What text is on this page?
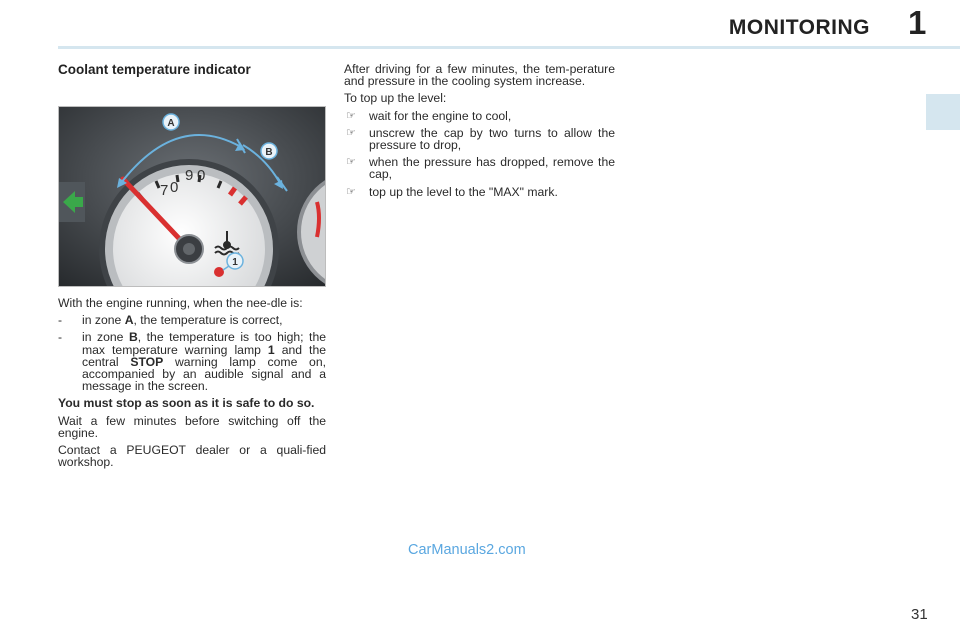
MONITORING 1
Coolant temperature indicator
7 0
9 0
A
B
1

With the engine running, when the nee-dle is:

- in zone A, the temperature is correct,

- in zone B, the temperature is too high; the max temperature warning lamp 1 and the central STOP warning lamp come on, accompanied by an audible signal and a message in the screen.

You must stop as soon as it is safe to do so.

Wait a few minutes before switching off the engine.

Contact a PEUGEOT dealer or a quali-fied workshop.

After driving for a few minutes, the tem-perature and pressure in the cooling system increase.

To top up the level:

☞ wait for the engine to cool,

☞ unscrew the cap by two turns to allow the pressure to drop,

☞ when the pressure has dropped, remove the cap,

☞ top up the level to the "MAX" mark.

CarManuals2.com
31
